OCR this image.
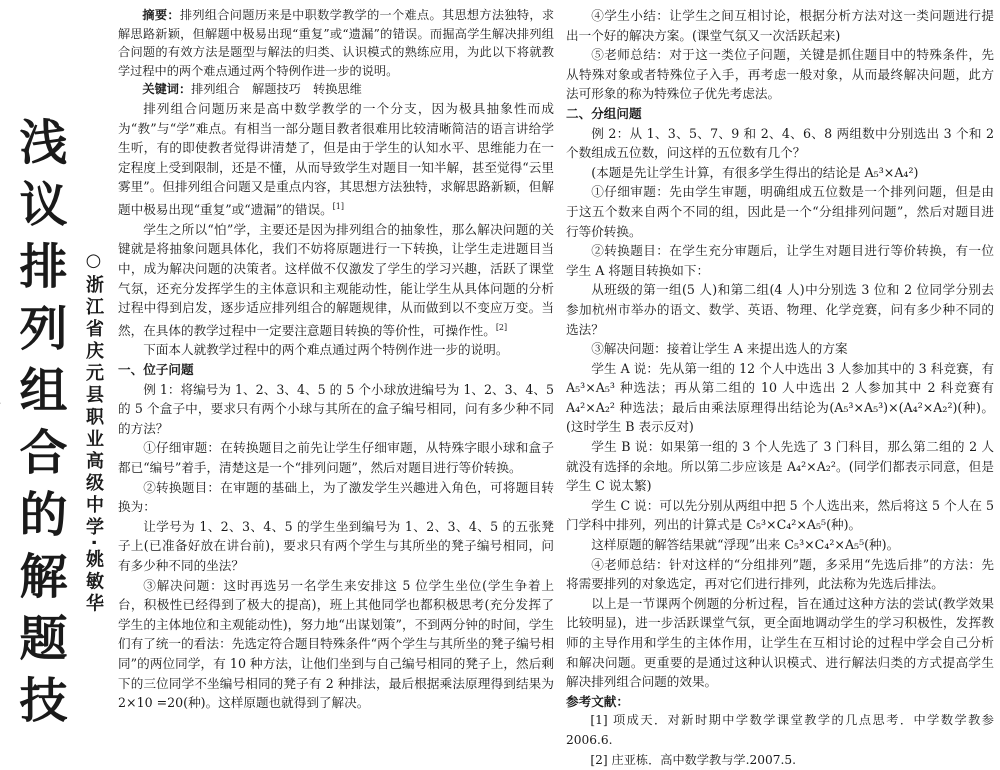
浅议排列组合的解题技
○浙江省庆元县职业高级中学·姚敏华

摘要：排列组合问题历来是中职数学教学的一个难点。其思想方法独特，求解思路新颖，但解题中极易出现“重复”或“遗漏”的错误。而掘高学生解决排列组合问题的有效方法是题型与解法的归类、认识模式的熟练应用，为此以下将就教学过程中的两个难点通过两个特例作进一步的说明。

关键词：排列组合　解题技巧　转换思维

排列组合问题历来是高中数学教学的一个分支，因为极具抽象性而成为“教”与“学”难点。有相当一部分题目教者很难用比较清晰简洁的语言讲给学生听，有的即使教者觉得讲清楚了，但是由于学生的认知水平、思维能力在一定程度上受到限制，还是不懂，从而导致学生对题目一知半解，甚至觉得“云里雾里”。但排列组合问题又是重点内容，其思想方法独特，求解思路新颖，但解题中极易出现“重复”或“遗漏”的错误。[1]

学生之所以“怕”学，主要还是因为排列组合的抽象性，那么解决问题的关键就是将抽象问题具体化，我们不妨将原题进行一下转换，让学生走进题目当中，成为解决问题的决策者。这样做不仅激发了学生的学习兴趣，活跃了课堂气氛，还充分发挥学生的主体意识和主观能动性，能让学生从具体问题的分析过程中得到启发，逐步适应排列组合的解题规律，从而做到以不变应万变。当然，在具体的教学过程中一定要注意题目转换的等价性，可操作性。[2]

下面本人就教学过程中的两个难点通过两个特例作进一步的说明。

一、位子问题

例 1：将编号为 1、2、3、4、5 的 5 个小球放进编号为 1、2、3、4、5 的 5 个盒子中，要求只有两个小球与其所在的盒子编号相同，问有多少种不同的方法？

①仔细审题：在转换题目之前先让学生仔细审题，从特殊字眼小球和盒子都已“编号”着手，清楚这是一个“排列问题”，然后对题目进行等价转换。

②转换题目：在审题的基础上，为了激发学生兴趣进入角色，可将题目转换为：

让学号为 1、2、3、4、5 的学生坐到编号为 1、2、3、4、5 的五张凳子上(已准备好放在讲台前)，要求只有两个学生与其所坐的凳子编号相同，问有多少种不同的坐法？

③解决问题：这时再选另一名学生来安排这 5 位学生坐位(学生争着上台，积极性已经得到了极大的提高)，班上其他同学也都积极思考(充分发挥了学生的主体地位和主观能动性)，努力地“出谋划策”，不到两分钟的时间，学生们有了统一的看法：先选定符合题目特殊条件“两个学生与其所坐的凳子编号相同”的两位同学，有 10 种方法，让他们坐到与自己编号相同的凳子上，然后剩下的三位同学不坐编号相同的凳子有 2 种排法，最后根据乘法原理得到结果为 2×10 =20(种)。这样原题也就得到了解决。

④学生小结：让学生之间互相讨论，根据分析方法对这一类问题进行提出一个好的解决方案。(课堂气氛又一次活跃起来)

⑤老师总结：对于这一类位子问题，关键是抓住题目中的特殊条件，先从特殊对象或者特殊位子入手，再考虑一般对象，从而最终解决问题，此方法可形象的称为特殊位子优先考虑法。

二、分组问题

例 2：从 1、3、5、7、9 和 2、4、6、8 两组数中分别选出 3 个和 2 个数组成五位数，问这样的五位数有几个？

(本题是先让学生计算，有很多学生得出的结论是 A₅³×A₄²)

①仔细审题：先由学生审题，明确组成五位数是一个排列问题，但是由于这五个数来自两个不同的组，因此是一个“分组排列问题”，然后对题目进行等价转换。

②转换题目：在学生充分审题后，让学生对题目进行等价转换，有一位学生 A 将题目转换如下：

从班级的第一组(5 人)和第二组(4 人)中分别选 3 位和 2 位同学分别去参加杭州市举办的语文、数学、英语、物理、化学竞赛，问有多少种不同的选法？

③解决问题：接着让学生 A 来提出选人的方案

学生 A 说：先从第一组的 12 个人中选出 3 人参加其中的 3 科竞赛，有 A₅³×A₅³ 种选法；再从第二组的 10 人中选出 2 人参加其中 2 科竞赛有 A₄²×A₂² 种选法；最后由乘法原理得出结论为(A₅³×A₅³)×(A₄²×A₂²)(种)。(这时学生 B 表示反对)

学生 B 说：如果第一组的 3 个人先选了 3 门科目，那么第二组的 2 人就没有选择的余地。所以第二步应该是 A₄²×A₂²。(同学们都表示同意，但是学生 C 说太繁)

学生 C 说：可以先分别从两组中把 5 个人选出来，然后将这 5 个人在 5 门学科中排列，列出的计算式是 C₅³×C₄²×A₅⁵(种)。

这样原题的解答结果就“浮现”出来 C₅³×C₄²×A₅⁵(种)。

④老师总结：针对这样的“分组排列”题，多采用“先选后排”的方法：先将需要排列的对象选定，再对它们进行排列，此法称为先选后排法。

以上是一节课两个例题的分析过程，旨在通过这种方法的尝试(教学效果比较明显)，进一步活跃课堂气氛，更全面地调动学生的学习积极性，发挥教师的主导作用和学生的主体作用，让学生在互相讨论的过程中学会自己分析和解决问题。更重要的是通过这种认识模式、进行解法归类的方式提高学生解决排列组合问题的效果。

参考文献：

[1] 项成天．对新时期中学数学课堂教学的几点思考．中学数学教参 2006.6.

[2] 庄亚栋．高中数学教与学.2007.5.
